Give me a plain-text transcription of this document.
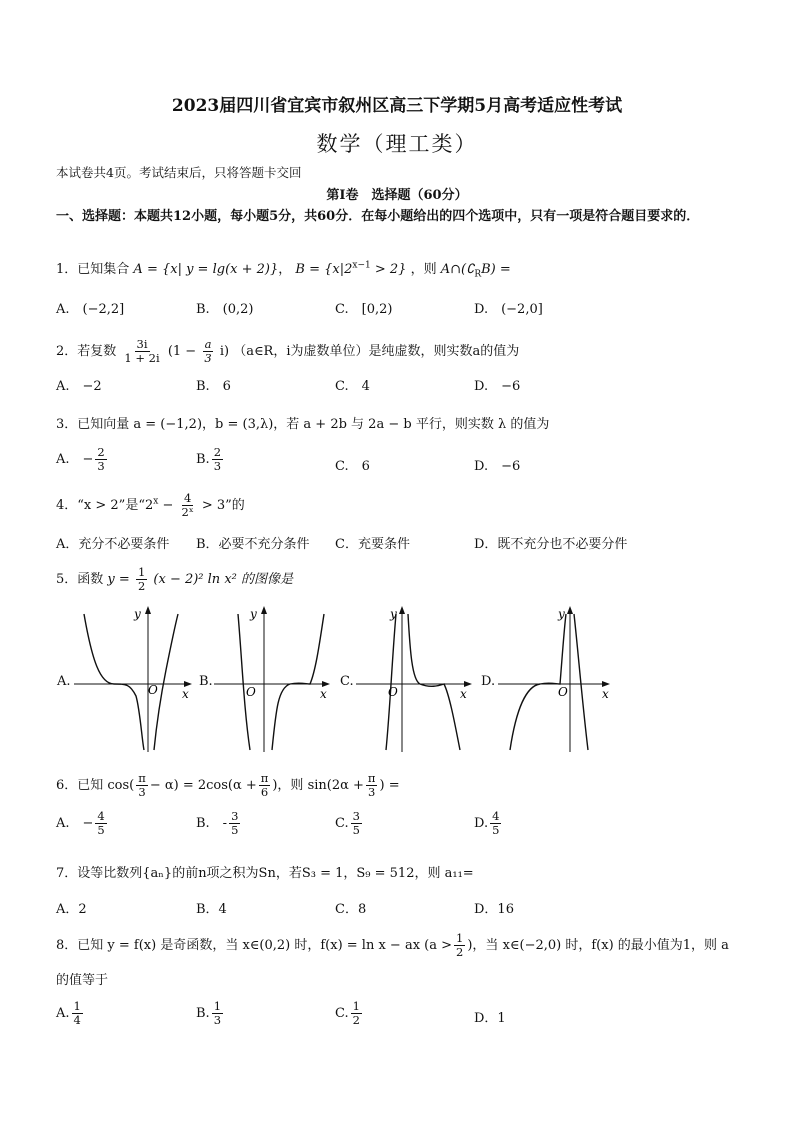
2023届四川省宜宾市叙州区高三下学期5月高考适应性考试
数学（理工类）
本试卷共4页。考试结束后，只将答题卡交回
第I卷　选择题（60分）
一、选择题：本题共12小题，每小题5分，共60分．在每小题给出的四个选项中，只有一项是符合题目要求的．
1．已知集合 A = {x| y = lg(x + 2)}， $B = \{x|2^{x-1} > 2\}$ ，则 $A\cap(∁_RB)$ =
A.　(−2,2]	B.　(0,2)	C.　[0,2)	D.　(−2,0]
2．若复数 $\frac{3i}{1 + 2i} (1 - \frac{a}{3} i)$ （a∈R，i为虚数单位）是纯虚数，则实数a的值为
A.　−2	B.　6	C.　4	D.　−6
3．已知向量 a = (−1,2)，b = (3,λ)，若 a + 2b 与 2a − b 平行，则实数 λ 的值为
A.　− $\frac{2}{3}$	B. $\frac{2}{3}$	C.　6	D.　−6
4．“x > 2”是“$2^x - \frac{4}{\text{2ˣ}} > 3$”的
A．充分不必要条件 B．必要不充分条件 C．充要条件	D．既不充分也不必要分件
5．函数 $y = \frac{1}{2} (x - 2)^2$ ln x² 的图像是
A.	B.	C.	D.
O x
y
O	x
y
O	x
y
O	x
y
6．已知 $\cos( \frac{\pi}{3} - \alpha) = 2\cos(\alpha + \frac{\pi}{6}$ )，则 $\sin(2\alpha + \frac{\pi}{3}$ ) =
A.　− $\frac{4}{5}$	B.　- $\frac{3}{5}$	C. $\frac{3}{5}$	D. $\frac{4}{5}$
7．设等比数列{aₙ}的前n项之积为Sn，若S₃ = 1，S₉ = 512，则 a₁₁=
A．2	B．4	C．8	D．16
8．已知 y = f(x) 是奇函数，当 x∈(0,2) 时，f(x) = ln x − ax ($a > \frac{1}{2}$ )，当 x∈(−2,0) 时，f(x) 的最小值为1，则 a
的值等于
A. $\frac{1}{4}$	B. $\frac{1}{3}$	C. $\frac{1}{2}$	D．1
